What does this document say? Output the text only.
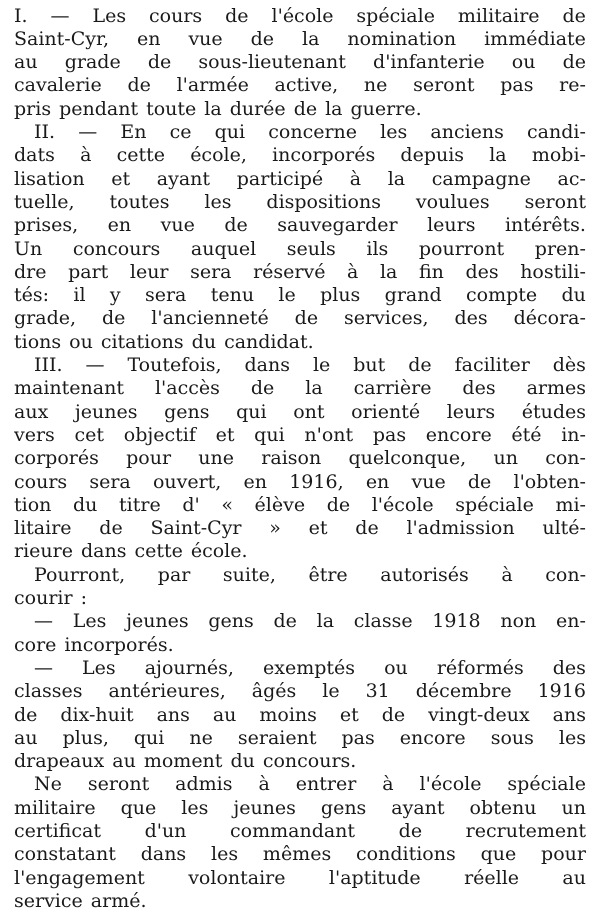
I. — Les cours de l'école spéciale militaire de
Saint-Cyr, en vue de la nomination immédiate
au grade de sous-lieutenant d'infanterie ou de
cavalerie de l'armée active, ne seront pas re-
pris pendant toute la durée de la guerre.
II. — En ce qui concerne les anciens candi-
dats à cette école, incorporés depuis la mobi-
lisation et ayant participé à la campagne ac-
tuelle, toutes les dispositions voulues seront
prises, en vue de sauvegarder leurs intérêts.
Un concours auquel seuls ils pourront pren-
dre part leur sera réservé à la fin des hostili-
tés: il y sera tenu le plus grand compte du
grade, de l'ancienneté de services, des décora-
tions ou citations du candidat.
III. — Toutefois, dans le but de faciliter dès
maintenant l'accès de la carrière des armes
aux jeunes gens qui ont orienté leurs études
vers cet objectif et qui n'ont pas encore été in-
corporés pour une raison quelconque, un con-
cours sera ouvert, en 1916, en vue de l'obten-
tion du titre d' « élève de l'école spéciale mi-
litaire de Saint-Cyr » et de l'admission ulté-
rieure dans cette école.
Pourront, par suite, être autorisés à con-
courir :
— Les jeunes gens de la classe 1918 non en-
core incorporés.
— Les ajournés, exemptés ou réformés des
classes antérieures, âgés le 31 décembre 1916
de dix-huit ans au moins et de vingt-deux ans
au plus, qui ne seraient pas encore sous les
drapeaux au moment du concours.
Ne seront admis à entrer à l'école spéciale
militaire que les jeunes gens ayant obtenu un
certificat d'un commandant de recrutement
constatant dans les mêmes conditions que pour
l'engagement volontaire l'aptitude réelle au
service armé.
